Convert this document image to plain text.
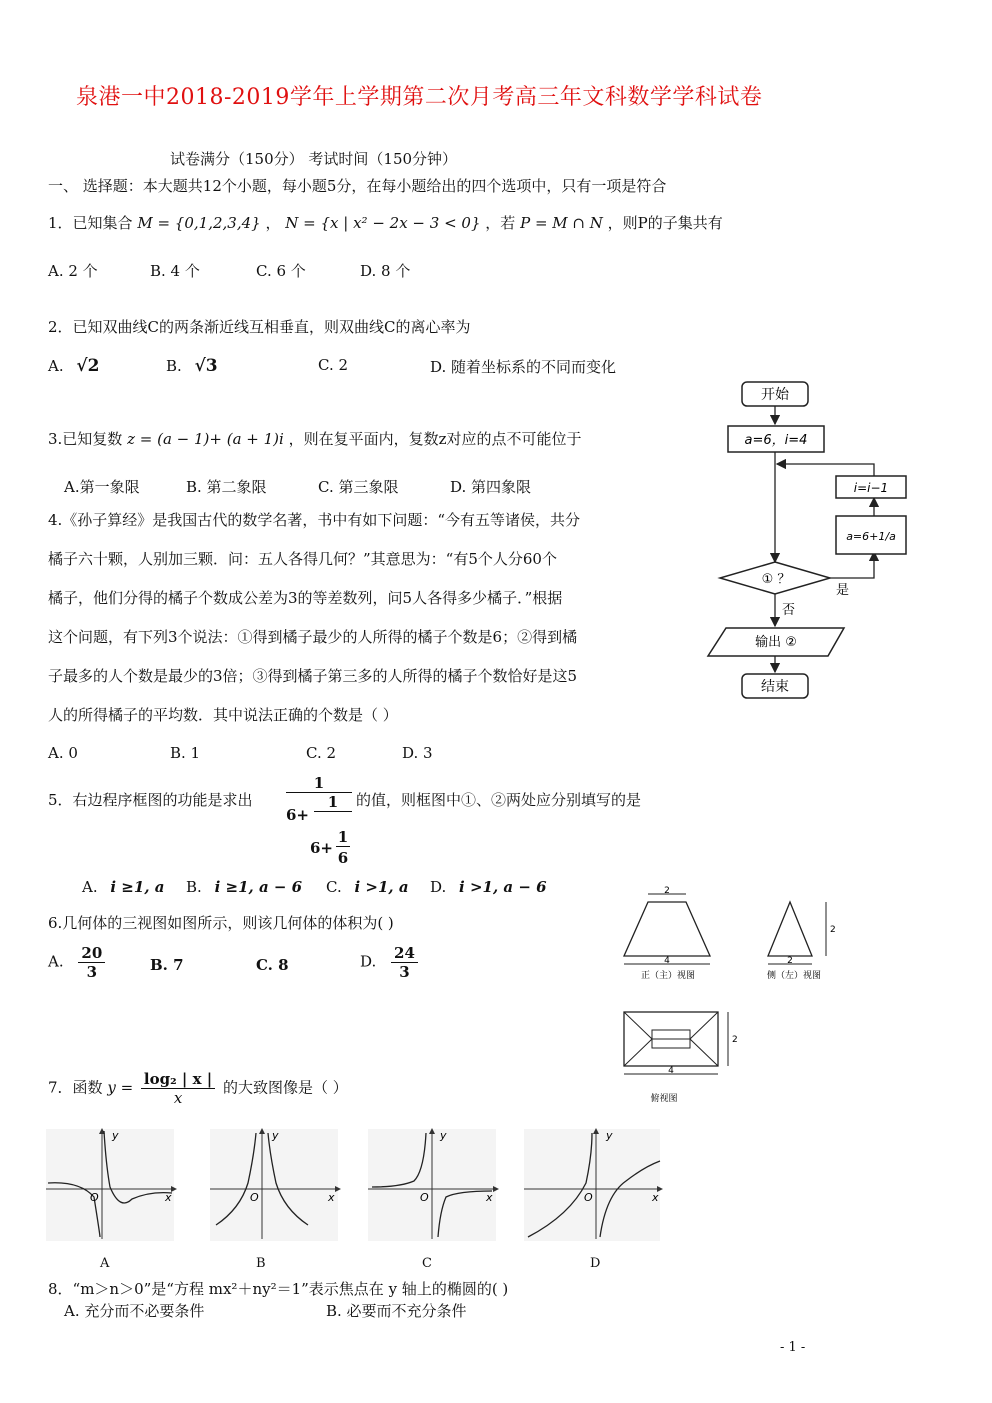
泉港一中2018-2019学年上学期第二次月考高三年文科数学学科试卷
试卷满分（150分） 考试时间（150分钟）
一、 选择题：本大题共12个小题，每小题5分，在每小题给出的四个选项中，只有一项是符合
1．已知集合 M = {0,1,2,3,4} ， N = {x | x² − 2x − 3 < 0} ，若 P = M ∩ N ，则P的子集共有
A. 2 个	B. 4 个	C. 6 个	D. 8 个
2．已知双曲线C的两条渐近线互相垂直，则双曲线C的离心率为
A. √2	B. √3	C. 2	D. 随着坐标系的不同而变化
3.已知复数 z = (a − 1)+ (a + 1)i ，则在复平面内，复数z对应的点不可能位于
A.第一象限	B. 第二象限	C. 第三象限	D. 第四象限
4.《孙子算经》是我国古代的数学名著，书中有如下问题：“今有五等诸侯，共分
橘子六十颗，人别加三颗．问：五人各得几何？”其意思为：“有5个人分60个
橘子，他们分得的橘子个数成公差为3的等差数列，问5人各得多少橘子．”根据
这个问题，有下列3个说法：①得到橘子最少的人所得的橘子个数是6；②得到橘
子最多的人个数是最少的3倍；③得到橘子第三多的人所得的橘子个数恰好是这5
人的所得橘子的平均数．其中说法正确的个数是（ ）
A. 0	B. 1	C. 2	D. 3
5．右边程序框图的功能是求出
1
6+
1
6+
1
6
的值，则框图中①、②两处应分别填写的是
A. i ≥1, a B. i ≥1, a − 6 C. i >1, a D. i >1, a − 6
6.几何体的三视图如图所示，则该几何体的体积为( )
A. $\frac{20}{3}$	B. 7	C. 8	D. $\frac{24}{3}$
7．函数 $y = \frac{\text{log₂ | x |}}{x}$ 的大致图像是（ ）
y
x
O
y
x
O
y
x
O
y
x
O
A	B	C	D
8．“m＞n＞0”是“方程 mx²＋ny²＝1”表示焦点在 y 轴上的椭圆的( )
A. 充分而不必要条件	B. 必要而不充分条件
开始
a=6，i=4
① ？
是
a=6+1/a
i=i−1
否
输出 ②
结束
2
4
正（主）视图
2
2
侧（左）视图
2
4
俯视图
- 1 -
